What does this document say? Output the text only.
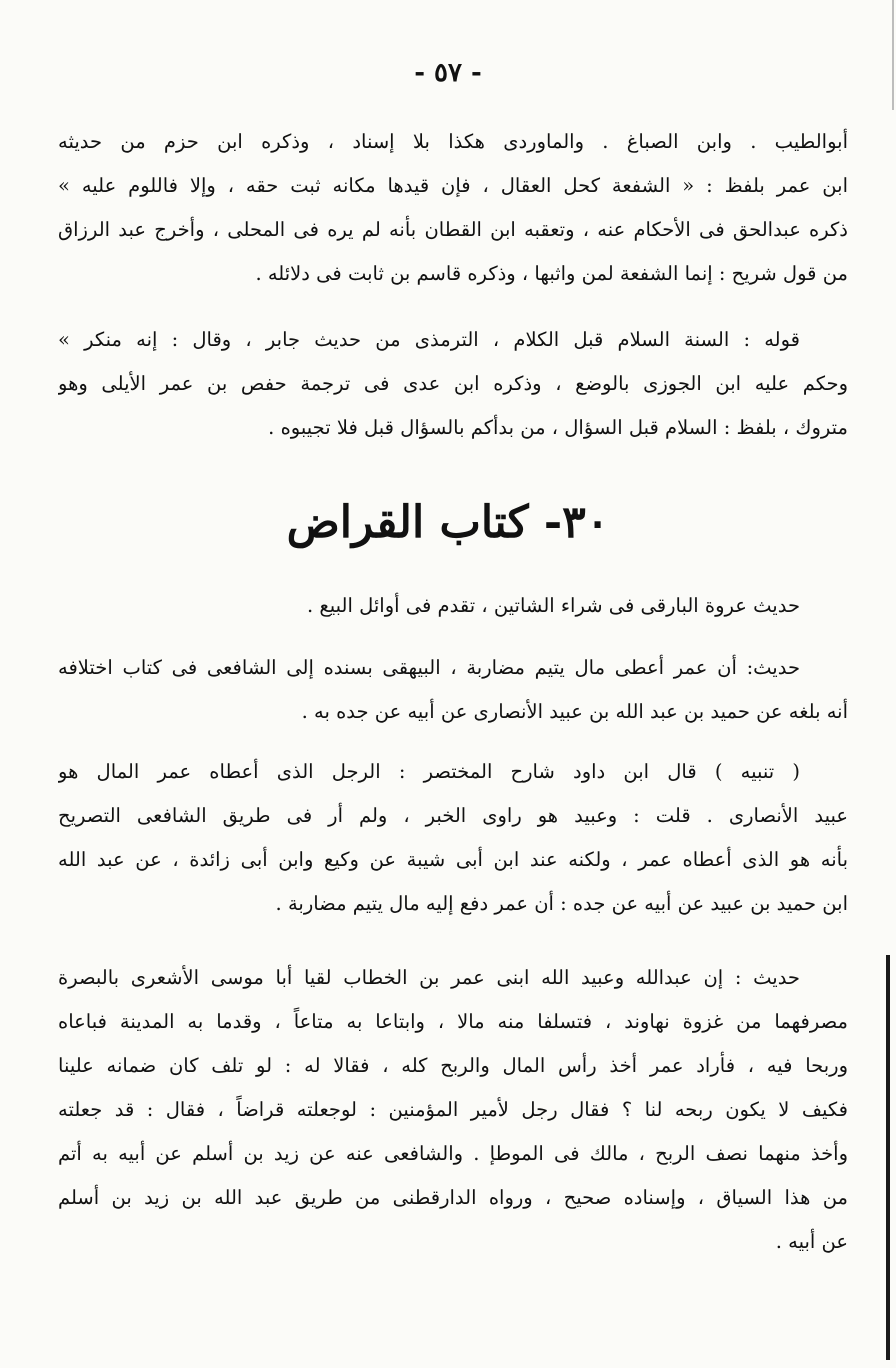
- ٥٧ -
أبوالطيب . وابن الصباغ . والماوردى هكذا بلا إسناد ، وذكره ابن حزم من حديثه
ابن عمر بلفظ : « الشفعة كحل العقال ، فإن قيدها مكانه ثبت حقه ، وإلا فاللوم عليه »
ذكره عبدالحق فى الأحكام عنه ، وتعقبه ابن القطان بأنه لم يره فى المحلى ، وأخرج عبد الرزاق
من قول شريح : إنما الشفعة لمن واثبها ، وذكره قاسم بن ثابت فى دلائله .
قوله : السنة السلام قبل الكلام ، الترمذى من حديث جابر ، وقال : إنه منكر »
وحكم عليه ابن الجوزى بالوضع ، وذكره ابن عدى فى ترجمة حفص بن عمر الأيلى وهو
متروك ، بلفظ : السلام قبل السؤال ، من بدأكم بالسؤال قبل فلا تجيبوه .
٣٠- كتاب القراض
حديث عروة البارقى فى شراء الشاتين ، تقدم فى أوائل البيع .
حديث: أن عمر أعطى مال يتيم مضاربة ، البيهقى بسنده إلى الشافعى فى كتاب اختلافه
أنه بلغه عن حميد بن عبد الله بن عبيد الأنصارى عن أبيه عن جده به .
( تنبيه ) قال ابن داود شارح المختصر : الرجل الذى أعطاه عمر المال هو
عبيد الأنصارى . قلت : وعبيد هو راوى الخبر ، ولم أر فى طريق الشافعى التصريح
بأنه هو الذى أعطاه عمر ، ولكنه عند ابن أبى شيبة عن وكيع وابن أبى زائدة ، عن عبد الله
ابن حميد بن عبيد عن أبيه عن جده : أن عمر دفع إليه مال يتيم مضاربة .
حديث : إن عبدالله وعبيد الله ابنى عمر بن الخطاب لقيا أبا موسى الأشعرى بالبصرة
مصرفهما من غزوة نهاوند ، فتسلفا منه مالا ، وابتاعا به متاعاً ، وقدما به المدينة فباعاه
وربحا فيه ، فأراد عمر أخذ رأس المال والربح كله ، فقالا له : لو تلف كان ضمانه علينا
فكيف لا يكون ربحه لنا ؟ فقال رجل لأمير المؤمنين : لوجعلته قراضاً ، فقال : قد جعلته
وأخذ منهما نصف الربح ، مالك فى الموطإ . والشافعى عنه عن زيد بن أسلم عن أبيه به أتم
من هذا السياق ، وإسناده صحيح ، ورواه الدارقطنى من طريق عبد الله بن زيد بن أسلم
عن أبيه .
